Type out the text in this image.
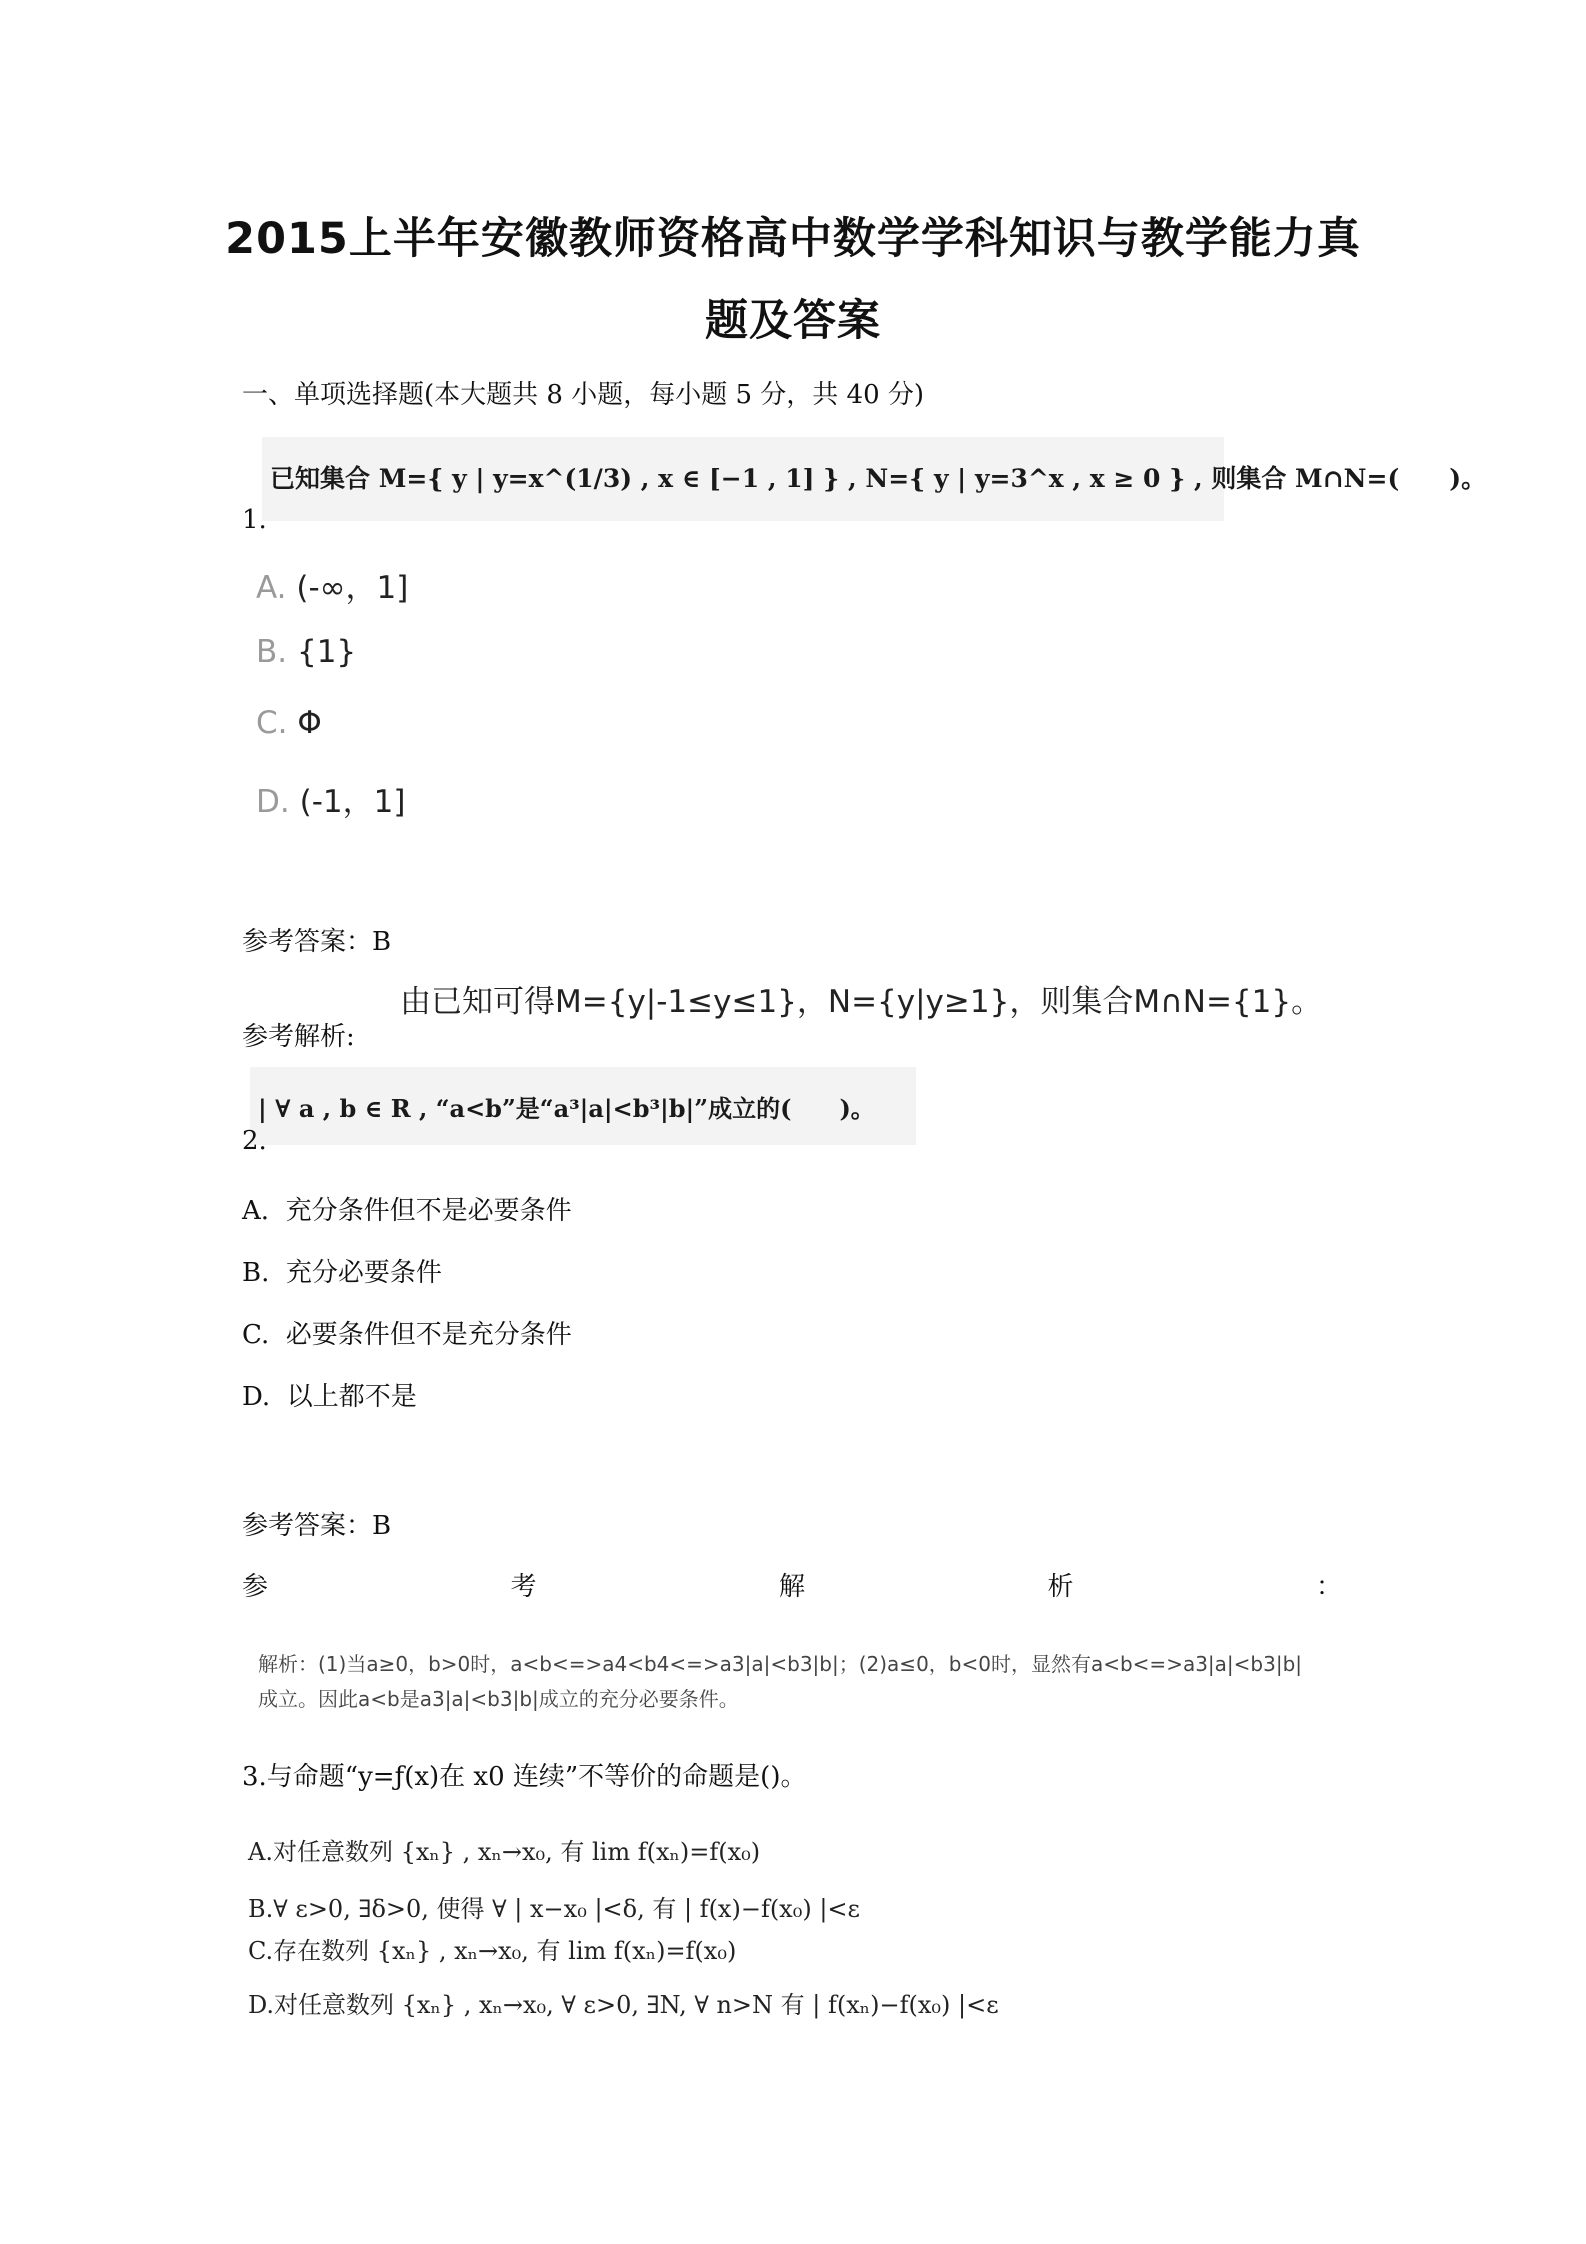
2015上半年安徽教师资格高中数学学科知识与教学能力真
题及答案
一、单项选择题(本大题共 8 小题，每小题 5 分，共 40 分)
已知集合 M={ y | y=x^(1/3) , x ∈ [−1 , 1] } , N={ y | y=3^x , x ≥ 0 } , 则集合 M∩N=(　　)。
1.
A. (-∞，1]
B. {1}
C. Φ
D. (-1，1]
参考答案：B
由已知可得M={y|-1≤y≤1}，N={y|y≥1}，则集合M∩N={1}。
参考解析:
| ∀ a , b ∈ R , “a<b”是“a³|a|<b³|b|”成立的(　　)。
2.
A. 充分条件但不是必要条件
B. 充分必要条件
C. 必要条件但不是充分条件
D. 以上都不是
参考答案：B
参	考	解	析	：
解析：(1)当a≥0，b>0时，a<b<=>a4<b4<=>a3|a|<b3|b|；(2)a≤0，b<0时，显然有a<b<=>a3|a|<b3|b|
成立。因此a<b是a3|a|<b3|b|成立的充分必要条件。
3.与命题“y=ƒ(x)在 x0 连续”不等价的命题是()。
A.对任意数列 {xₙ} , xₙ→x₀, 有 lim f(xₙ)=f(x₀)
B.∀ ε>0, ∃δ>0, 使得 ∀ | x−x₀ |<δ, 有 | f(x)−f(x₀) |<ε
C.存在数列 {xₙ} , xₙ→x₀, 有 lim f(xₙ)=f(x₀)
D.对任意数列 {xₙ} , xₙ→x₀, ∀ ε>0, ∃N, ∀ n>N 有 | f(xₙ)−f(x₀) |<ε
